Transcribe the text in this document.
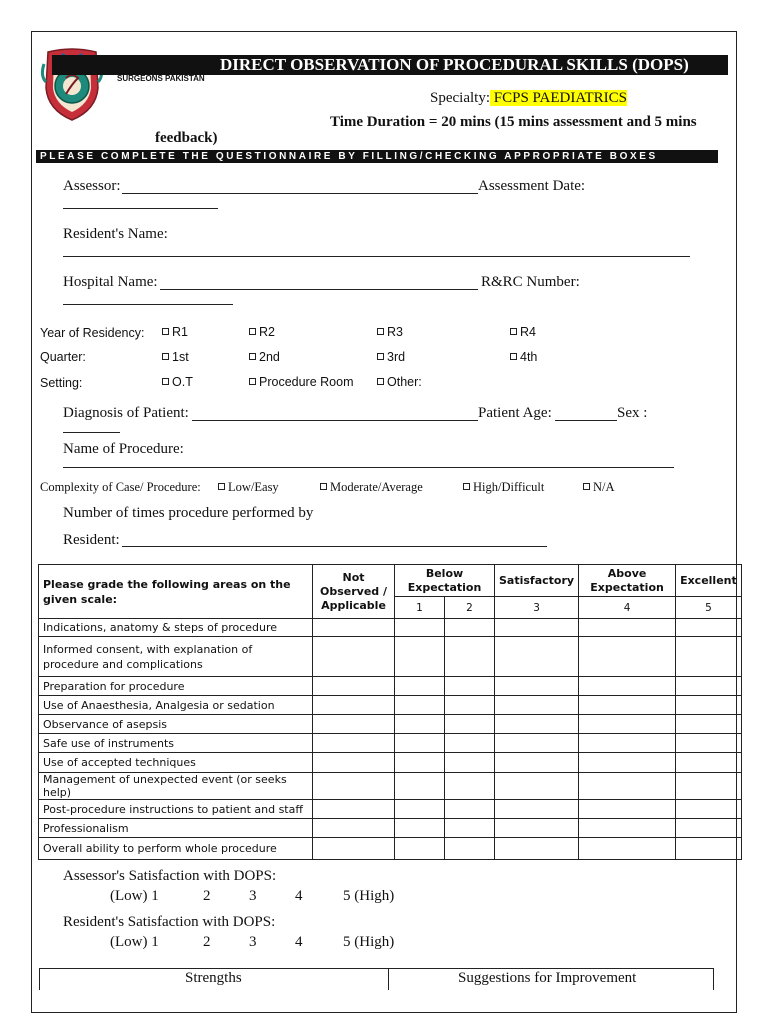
DIRECT OBSERVATION OF PROCEDURAL SKILLS (DOPS)
SURGEONS PAKISTAN
Specialty: FCPS PAEDIATRICS
Time Duration = 20 mins (15 mins assessment and 5 mins
feedback)
PLEASE COMPLETE THE QUESTIONNAIRE BY FILLING/CHECKING APPROPRIATE BOXES
Assessor:	Assessment Date:
Resident's Name:
Hospital Name:	R&RC Number:
Year of Residency:	R1	R2	R3	R4
Quarter:	1st	2nd	3rd	4th
Setting:	O.T	Procedure Room	Other:
Diagnosis of Patient:	Patient Age:	Sex :
Name of Procedure:
Complexity of Case/ Procedure:	Low/Easy	Moderate/Average	High/Difficult	N/A
Number of times procedure performed by
Resident:
Please grade the following areas on the given scale:	Not Observed / Applicable	Below Expectation		Satisfactory	Above Expectation	Excellent
		1	2	3	4	5
Indications, anatomy & steps of procedure						
Informed consent, with explanation of procedure and complications						
Preparation for procedure						
Use of Anaesthesia, Analgesia or sedation						
Observance of asepsis						
Safe use of instruments						
Use of accepted techniques						
Management of unexpected event (or seeks help)						
Post-procedure instructions to patient and staff						
Professionalism						
Overall ability to perform whole procedure						
Assessor's Satisfaction with DOPS:
(Low) 1	2	3	4	5 (High)
Resident's Satisfaction with DOPS:
(Low) 1	2	3	4	5 (High)
Strengths	Suggestions for Improvement
